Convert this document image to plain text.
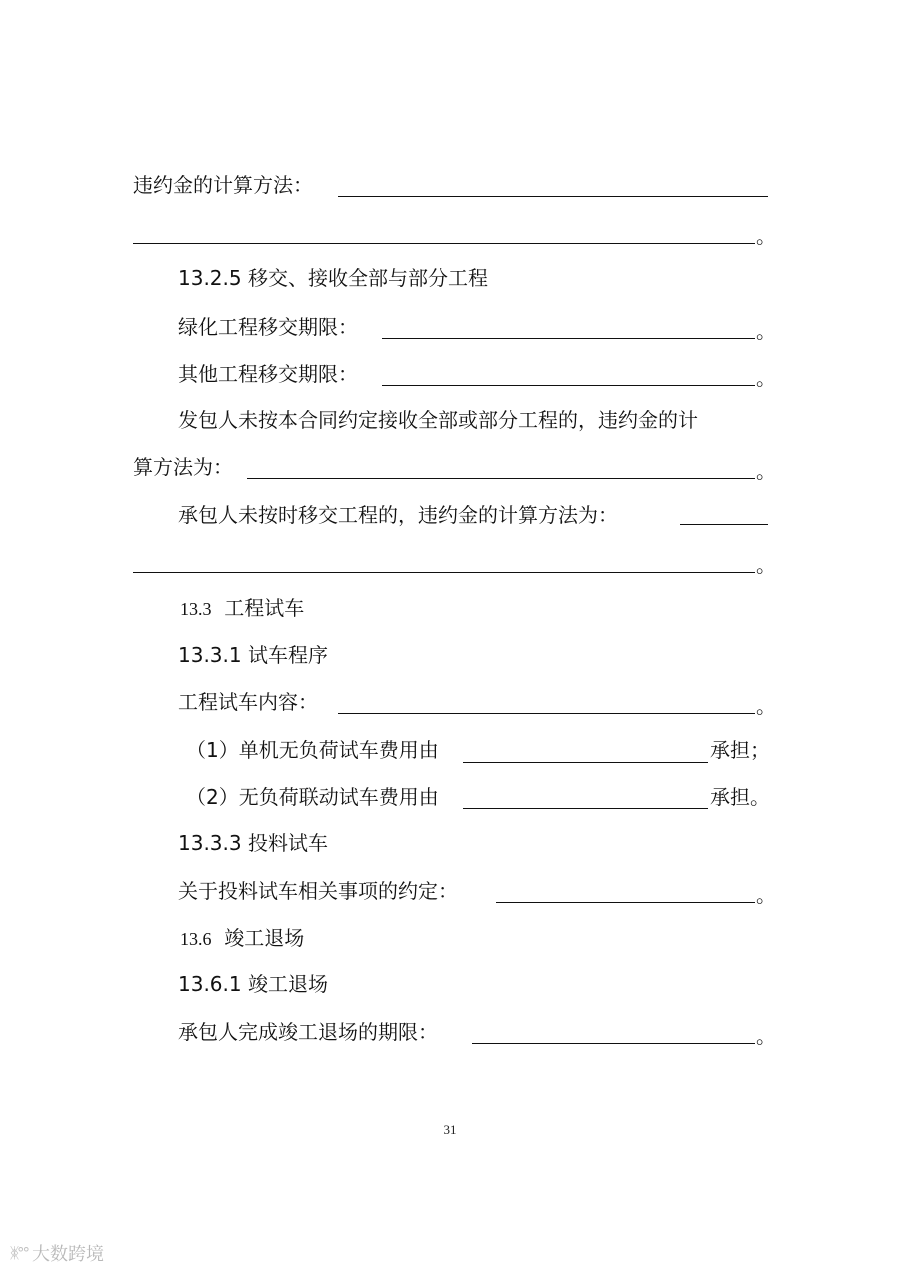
违约金的计算方法：
。
13.2.5 移交、接收全部与部分工程
绿化工程移交期限：	。
其他工程移交期限：	。
发包人未按本合同约定接收全部或部分工程的，违约金的计
算方法为：	。
承包人未按时移交工程的，违约金的计算方法为：
。
13.3 工程试车
13.3.1 试车程序
工程试车内容：	。
（1）单机无负荷试车费用由	承担；
（2）无负荷联动试车费用由	承担。
13.3.3 投料试车
关于投料试车相关事项的约定：	。
13.6 竣工退场
13.6.1 竣工退场
承包人完成竣工退场的期限：	。
31
ᛤ°° 大数跨境
